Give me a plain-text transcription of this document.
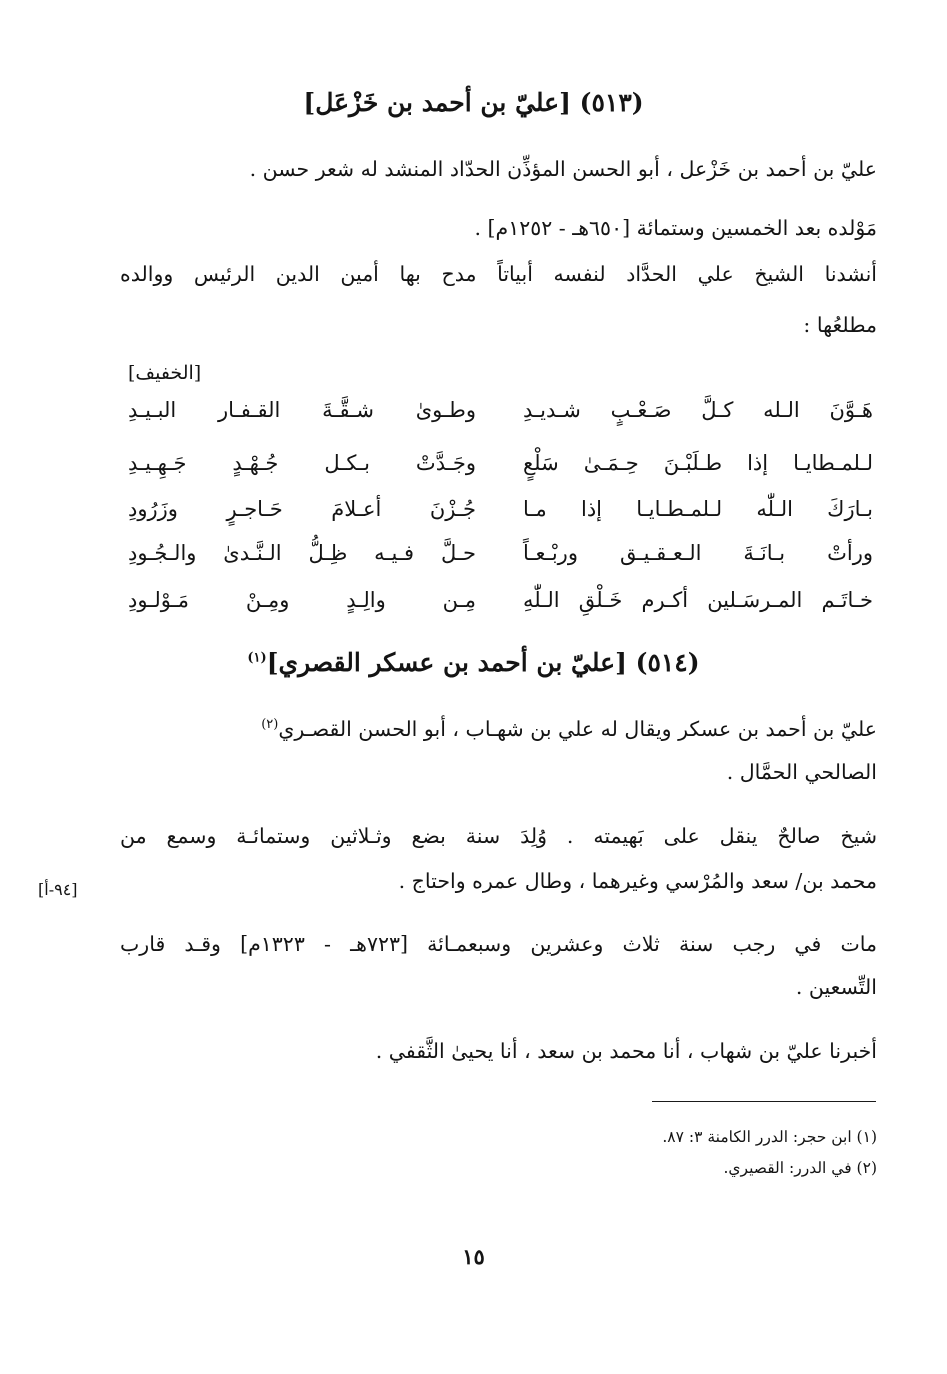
(٥١٣) [عليّ بن أحمد بن خَزْعَل]
عليّ بن أحمد بن خَزْعل ، أبو الحسن المؤذِّن الحدّاد المنشد له شعر حسن .
مَوْلده بعد الخمسين وستمائة [٦٥٠هـ - ١٢٥٢م] .
أنشدنا الشيخ علي الحدَّاد لنفسه أبياتاً مدح بها أمين الدين الرئيس ووالده
مطلعُها :
[الخفيف]
هَـوَّنَ الـله كـلَّ صَـعْـبٍ شـديـدِ
وطـوىٰ شـقَّـةَ القـفـار البـيـدِ
لـلمـطايـا إذا طـلَبْـنَ حِـمَـىٰ سَلْعٍ
وجَـدَّتْ بـكـل جُـهْـدٍ جَـهِـيـدِ
بـارَكَ الـلّٰه لـلمـطـايـا إذا مـا
جُـزْنَ أعـلامَ حَـاجـرٍ وزَرُودِ
ورأتْ بـانَـةَ الـعـقـيـق وربْـعـاً
حـلَّ فـيـه ظِـلُّ الـنَّـدىٰ والـجُـودِ
خـاتَـم المـرسَـلين أكـرم خَـلْقِ الـلّٰهِ
مِـن والِـدٍ ومِـنْ مَـوْلـودِ
(٥١٤) [عليّ بن أحمد بن عسكر القصري]$^{(١)}$
عليّ بن أحمد بن عسكر ويقال له علي بن شهـاب ، أبو الحسن القصـري$^{(٢)}$
الصالحي الحمَّال .
شيخ صالحٌ ينقل على بَهيمته . وُلِدَ سنة بضع وثـلاثين وستمائـة وسمع من
محمد بن/ سعد والمُرْسي وغيرهما ، وطال عمره واحتاج .
[٩٤-أ]
مات في رجب سنة ثلاث وعشرين وسبعمـائة [٧٢٣هـ - ١٣٢٣م] وقـد قارب
التِّسعين .
أخبرنا عليّ بن شهاب ، أنا محمد بن سعد ، أنا يحيىٰ الثَّقفي .
(١) ابن حجر: الدرر الكامنة ٣: ٨٧.
(٢) في الدرر: القصيري.
١٥
